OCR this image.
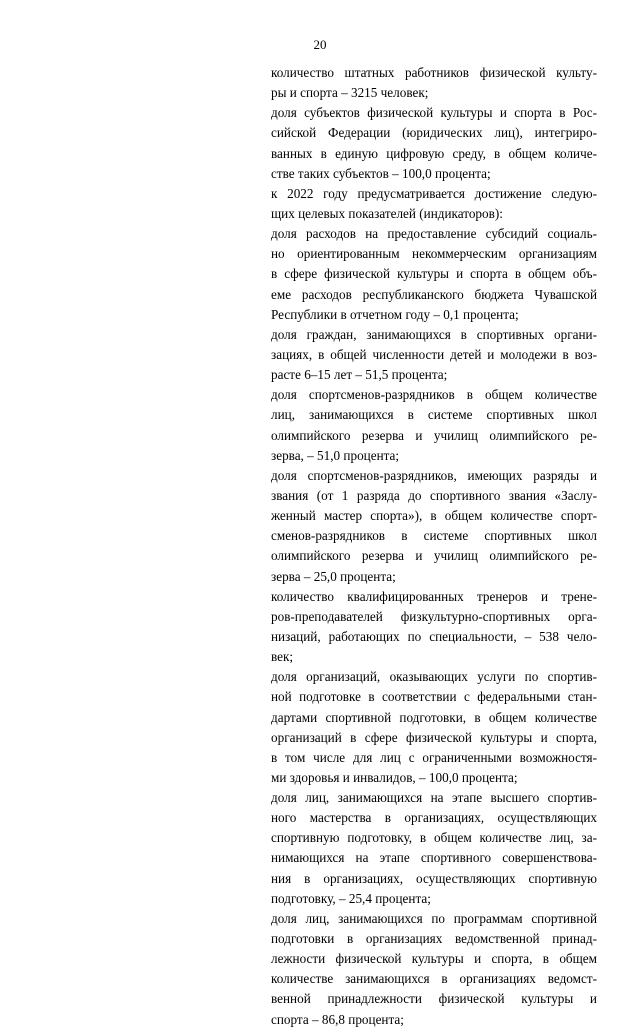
20
количество штатных работников физической культу-
ры и спорта – 3215 человек;
доля субъектов физической культуры и спорта в Рос-
сийской Федерации (юридических лиц), интегриро-
ванных в единую цифровую среду, в общем количе-
стве таких субъектов – 100,0 процента;
к 2022 году предусматривается достижение следую-
щих целевых показателей (индикаторов):
доля расходов на предоставление субсидий социаль-
но ориентированным некоммерческим организациям
в сфере физической культуры и спорта в общем объ-
еме расходов республиканского бюджета Чувашской
Республики в отчетном году – 0,1 процента;
доля граждан, занимающихся в спортивных органи-
зациях, в общей численности детей и молодежи в воз-
расте 6–15 лет – 51,5 процента;
доля спортсменов-разрядников в общем количестве
лиц, занимающихся в системе спортивных школ
олимпийского резерва и училищ олимпийского ре-
зерва, – 51,0 процента;
доля спортсменов-разрядников, имеющих разряды и
звания (от 1 разряда до спортивного звания «Заслу-
женный мастер спорта»), в общем количестве спорт-
сменов-разрядников в системе спортивных школ
олимпийского резерва и училищ олимпийского ре-
зерва – 25,0 процента;
количество квалифицированных тренеров и трене-
ров-преподавателей физкультурно-спортивных орга-
низаций, работающих по специальности, – 538 чело-
век;
доля организаций, оказывающих услуги по спортив-
ной подготовке в соответствии с федеральными стан-
дартами спортивной подготовки, в общем количестве
организаций в сфере физической культуры и спорта,
в том числе для лиц с ограниченными возможностя-
ми здоровья и инвалидов, – 100,0 процента;
доля лиц, занимающихся на этапе высшего спортив-
ного мастерства в организациях, осуществляющих
спортивную подготовку, в общем количестве лиц, за-
нимающихся на этапе спортивного совершенствова-
ния в организациях, осуществляющих спортивную
подготовку, – 25,4 процента;
доля лиц, занимающихся по программам спортивной
подготовки в организациях ведомственной принад-
лежности физической культуры и спорта, в общем
количестве занимающихся в организациях ведомст-
венной принадлежности физической культуры и
спорта – 86,8 процента;
